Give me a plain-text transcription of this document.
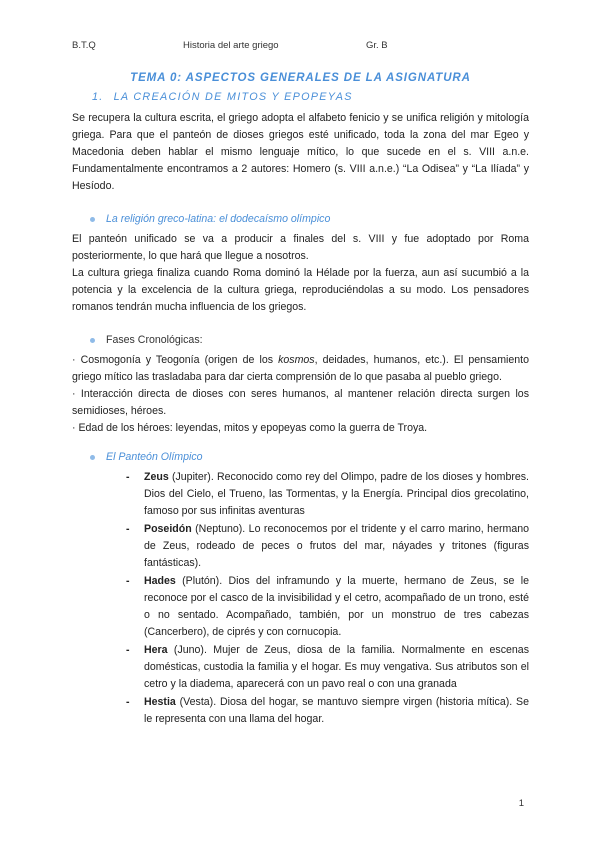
B.T.Q	Historia del arte griego	Gr. B
TEMA 0: ASPECTOS GENERALES DE LA ASIGNATURA
1. LA CREACIÓN DE MITOS Y EPOPEYAS

Se recupera la cultura escrita, el griego adopta el alfabeto fenicio y se unifica religión y mitología griega. Para que el panteón de dioses griegos esté unificado, toda la zona del mar Egeo y Macedonia deben hablar el mismo lenguaje mítico, lo que sucede en el s. VIII a.n.e. Fundamentalmente encontramos a 2 autores: Homero (s. VIII a.n.e.) “La Odisea” y “La Ilíada” y Hesíodo.

La religión greco-latina: el dodecaísmo olímpico

El panteón unificado se va a producir a finales del s. VIII y fue adoptado por Roma posteriormente, lo que hará que llegue a nosotros.

La cultura griega finaliza cuando Roma dominó la Hélade por la fuerza, aun así sucumbió a la potencia y la excelencia de la cultura griega, reproduciéndolas a su modo. Los pensadores romanos tendrán mucha influencia de los griegos.

Fases Cronológicas:

· Cosmogonía y Teogonía (origen de los kosmos, deidades, humanos, etc.). El pensamiento griego mítico las trasladaba para dar cierta comprensión de lo que pasaba al pueblo griego.

· Interacción directa de dioses con seres humanos, al mantener relación directa surgen los semidioses, héroes.

· Edad de los héroes: leyendas, mitos y epopeyas como la guerra de Troya.

El Panteón Olímpico
-	Zeus (Jupiter). Reconocido como rey del Olimpo, padre de los dioses y hombres. Dios del Cielo, el Trueno, las Tormentas, y la Energía. Principal dios grecolatino, famoso por sus infinitas aventuras
-	Poseidón (Neptuno). Lo reconocemos por el tridente y el carro marino, hermano de Zeus, rodeado de peces o frutos del mar, náyades y tritones (figuras fantásticas).
-	Hades (Plutón). Dios del inframundo y la muerte, hermano de Zeus, se le reconoce por el casco de la invisibilidad y el cetro, acompañado de un trono, esté o no sentado. Acompañado, también, por un monstruo de tres cabezas (Cancerbero), de ciprés y con cornucopia.
-	Hera (Juno). Mujer de Zeus, diosa de la familia. Normalmente en escenas domésticas, custodia la familia y el hogar. Es muy vengativa. Sus atributos son el cetro y la diadema, aparecerá con un pavo real o con una granada
-	Hestia (Vesta). Diosa del hogar, se mantuvo siempre virgen (historia mítica). Se le representa con una llama del hogar.
1
